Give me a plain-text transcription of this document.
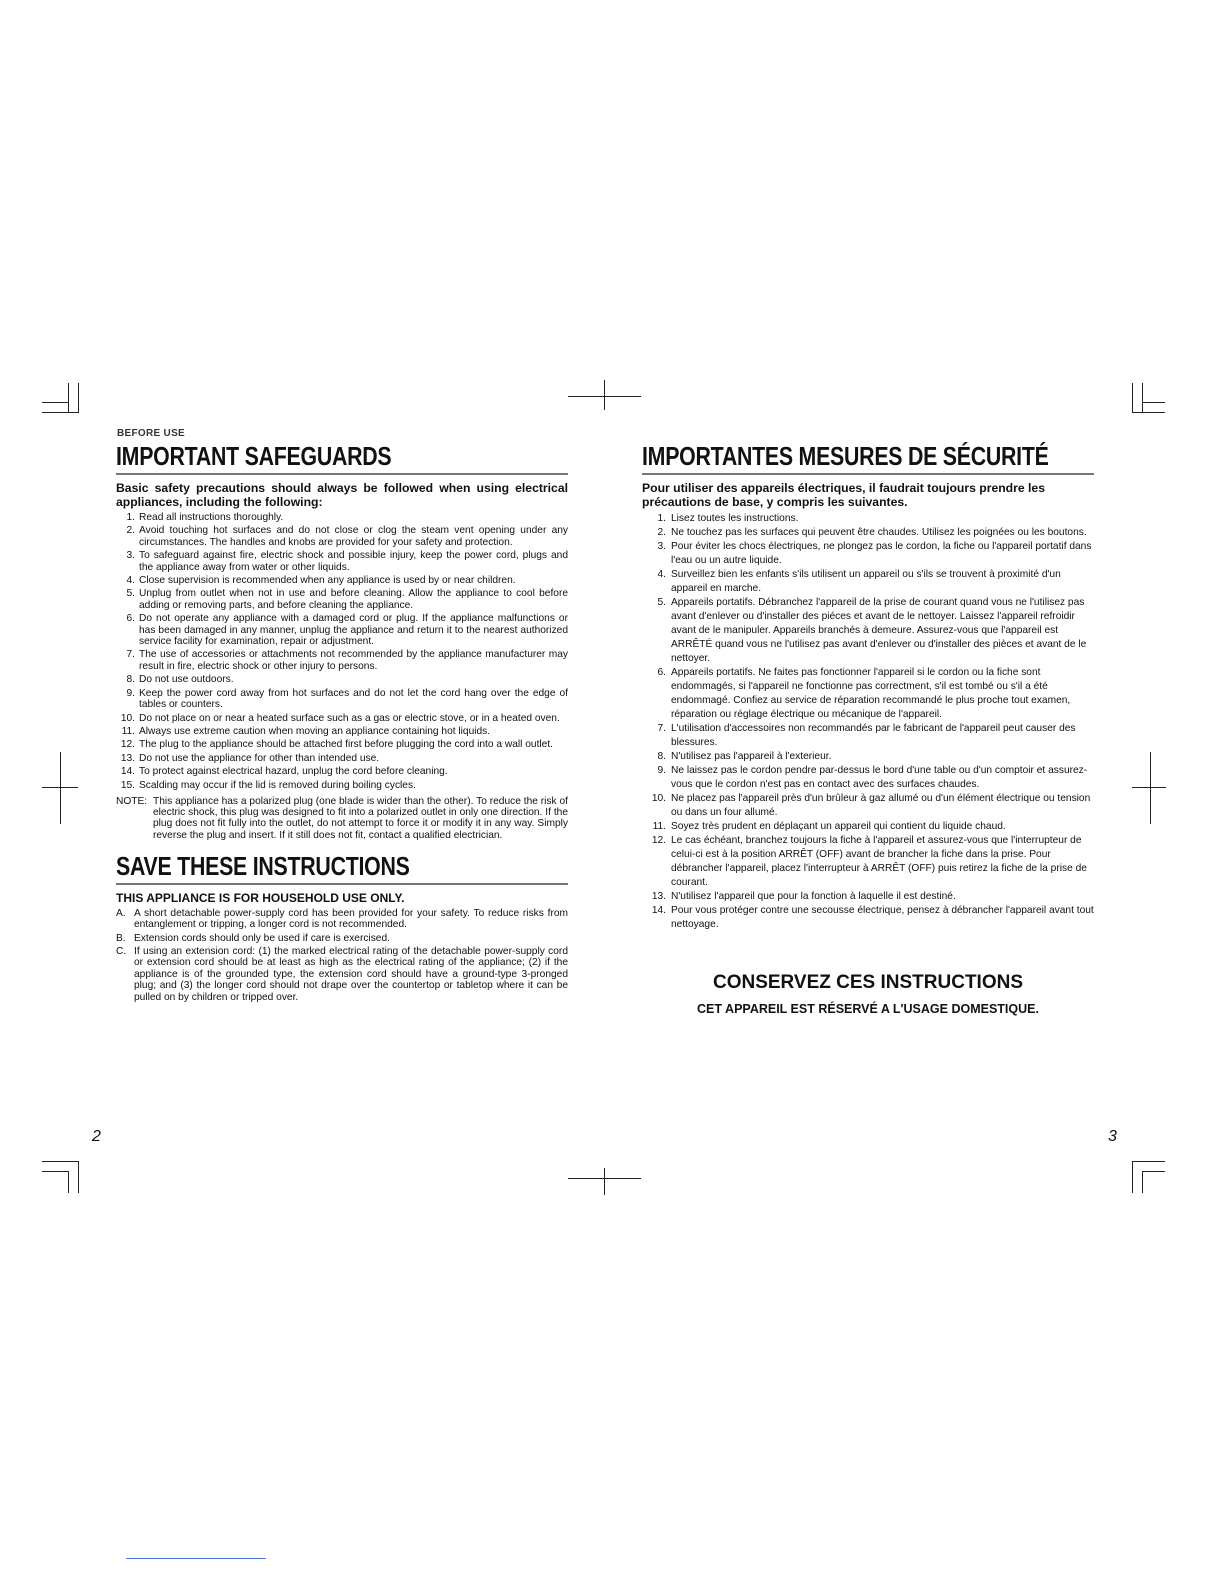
BEFORE USE
IMPORTANT SAFEGUARDS
Basic safety precautions should always be followed when using electrical appliances, including the following:
1. Read all instructions thoroughly.
2. Avoid touching hot surfaces and do not close or clog the steam vent opening under any circumstances. The handles and knobs are provided for your safety and protection.
3. To safeguard against fire, electric shock and possible injury, keep the power cord, plugs and the appliance away from water or other liquids.
4. Close supervision is recommended when any appliance is used by or near children.
5. Unplug from outlet when not in use and before cleaning. Allow the appliance to cool before adding or removing parts, and before cleaning the appliance.
6. Do not operate any appliance with a damaged cord or plug. If the appliance malfunctions or has been damaged in any manner, unplug the appliance and return it to the nearest authorized service facility for examination, repair or adjustment.
7. The use of accessories or attachments not recommended by the appliance manufacturer may result in fire, electric shock or other injury to persons.
8. Do not use outdoors.
9. Keep the power cord away from hot surfaces and do not let the cord hang over the edge of tables or counters.
10. Do not place on or near a heated surface such as a gas or electric stove, or in a heated oven.
11. Always use extreme caution when moving an appliance containing hot liquids.
12. The plug to the appliance should be attached first before plugging the cord into a wall outlet.
13. Do not use the appliance for other than intended use.
14. To protect against electrical hazard, unplug the cord before cleaning.
15. Scalding may occur if the lid is removed during boiling cycles.
NOTE: This appliance has a polarized plug (one blade is wider than the other). To reduce the risk of electric shock, this plug was designed to fit into a polarized outlet in only one direction. If the plug does not fit fully into the outlet, do not attempt to force it or modify it in any way. Simply reverse the plug and insert. If it still does not fit, contact a qualified electrician.
SAVE THESE INSTRUCTIONS
THIS APPLIANCE IS FOR HOUSEHOLD USE ONLY.
A. A short detachable power-supply cord has been provided for your safety. To reduce risks from entanglement or tripping, a longer cord is not recommended.
B. Extension cords should only be used if care is exercised.
C. If using an extension cord: (1) the marked electrical rating of the detachable power-supply cord or extension cord should be at least as high as the electrical rating of the appliance; (2) if the appliance is of the grounded type, the extension cord should have a ground-type 3-pronged plug; and (3) the longer cord should not drape over the countertop or tabletop where it can be pulled on by children or tripped over.
IMPORTANTES MESURES DE SÉCURITÉ
Pour utiliser des appareils électriques, il faudrait toujours prendre les précautions de base, y compris les suivantes.
1. Lisez toutes les instructions.
2. Ne touchez pas les surfaces qui peuvent être chaudes. Utilisez les poignées ou les boutons.
3. Pour éviter les chocs électriques, ne plongez pas le cordon, la fiche ou l'appareil portatif dans l'eau ou un autre liquide.
4. Surveillez bien les enfants s'ils utilisent un appareil ou s'ils se trouvent à proximité d'un appareil en marche.
5. Appareils portatifs. Débranchez l'appareil de la prise de courant quand vous ne l'utilisez pas avant d'enlever ou d'installer des piéces et avant de le nettoyer. Laissez l'appareil refroidir avant de le manipuler. Appareils branchés à demeure. Assurez-vous que l'appareil est ARRÊTÉ quand vous ne l'utilisez pas avant d'enlever ou d'installer des pièces et avant de le nettoyer.
6. Appareils portatifs. Ne faites pas fonctionner l'appareil si le cordon ou la fiche sont endommagés, si l'appareil ne fonctionne pas correctment, s'il est tombé ou s'il a été endommagé. Confiez au service de réparation recommandé le plus proche tout examen, réparation ou réglage électrique ou mécanique de l'appareil.
7. L'utilisation d'accessoires non recommandés par le fabricant de l'appareil peut causer des blessures.
8. N'utilisez pas l'appareil à l'exterieur.
9. Ne laissez pas le cordon pendre par-dessus le bord d'une table ou d'un comptoir et assurez-vous que le cordon n'est pas en contact avec des surfaces chaudes.
10. Ne placez pas l'appareil près d'un brûleur à gaz allumé ou d'un élément électrique ou tension ou dans un four allumé.
11. Soyez très prudent en déplaçant un appareil qui contient du liquide chaud.
12. Le cas échéant, branchez toujours la fiche à l'appareil et assurez-vous que l'interrupteur de celui-ci est à la position ARRÊT (OFF) avant de brancher la fiche dans la prise. Pour débrancher l'appareil, placez l'interrupteur à ARRÊT (OFF) puis retirez la fiche de la prise de courant.
13. N'utilisez l'appareil que pour la fonction à laquelle il est destiné.
14. Pour vous protéger contre une secousse électrique, pensez à débrancher l'appareil avant tout nettoyage.
CONSERVEZ CES INSTRUCTIONS
CET APPAREIL EST RÉSERVÉ A L'USAGE DOMESTIQUE.
2	3
